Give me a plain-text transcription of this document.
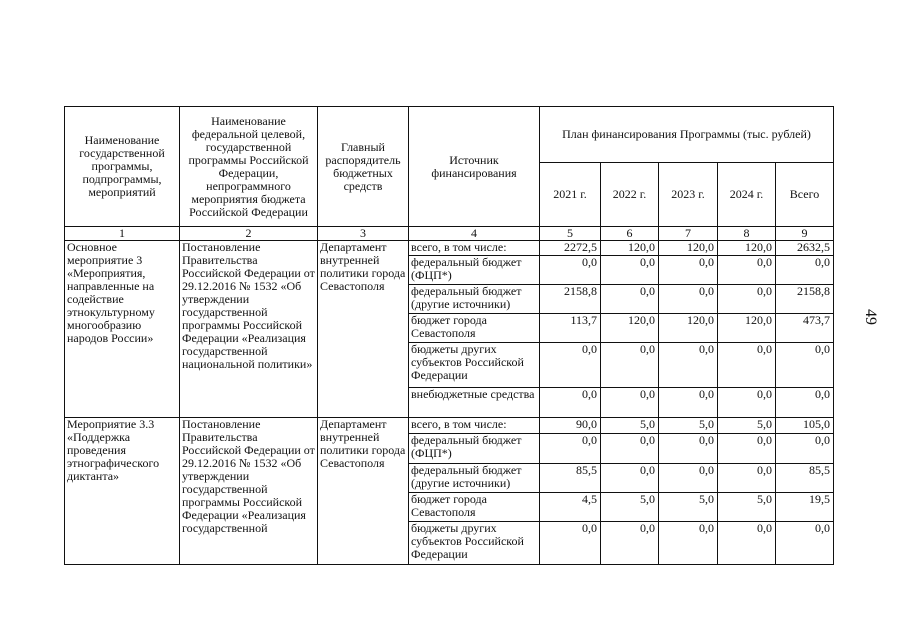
49
Наименование государственной программы, подпрограммы, мероприятий	Наименование федеральной целевой, государственной программы Российской Федерации, непрограммного мероприятия бюджета Российской Федерации	Главный распорядитель бюджетных средств	Источник финансирования	План финансирования Программы (тыс. рублей)				
				2021 г.	2022 г.	2023 г.	2024 г.	Всего
1	2	3	4	5	6	7	8	9
Основное мероприятие 3 «Мероприятия, направленные на содействие этнокультурному многообразию народов России»	Постановление Правительства Российской Федерации от 29.12.2016 № 1532 «Об утверждении государственной программы Российской Федерации «Реализация государственной национальной политики»	Департамент внутренней политики города Севастополя	всего, в том числе:	2272,5	120,0	120,0	120,0	2632,5
			федеральный бюджет (ФЦП*)	0,0	0,0	0,0	0,0	0,0
			федеральный бюджет (другие источники)	2158,8	0,0	0,0	0,0	2158,8
			бюджет города Севастополя	113,7	120,0	120,0	120,0	473,7
			бюджеты других субъектов Российской Федерации	0,0	0,0	0,0	0,0	0,0
			внебюджетные средства	0,0	0,0	0,0	0,0	0,0
Мероприятие 3.3 «Поддержка проведения этнографического диктанта»	Постановление Правительства Российской Федерации от 29.12.2016 № 1532 «Об утверждении государственной программы Российской Федерации «Реализация государственной	Департамент внутренней политики города Севастополя	всего, в том числе:	90,0	5,0	5,0	5,0	105,0
			федеральный бюджет (ФЦП*)	0,0	0,0	0,0	0,0	0,0
			федеральный бюджет (другие источники)	85,5	0,0	0,0	0,0	85,5
			бюджет города Севастополя	4,5	5,0	5,0	5,0	19,5
			бюджеты других субъектов Российской Федерации	0,0	0,0	0,0	0,0	0,0
